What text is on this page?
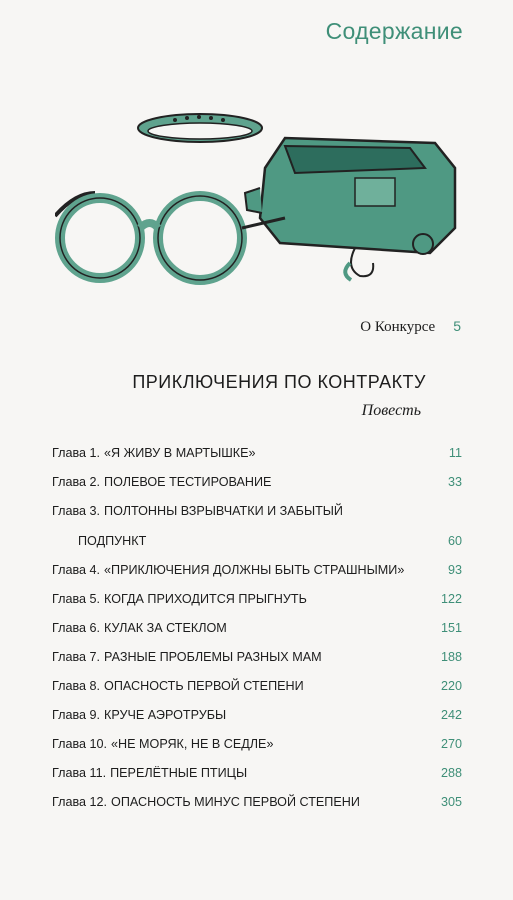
Содержание
О Конкурсе 5
ПРИКЛЮЧЕНИЯ ПО КОНТРАКТУ
Повесть
Глава 1. «Я ЖИВУ В МАРТЫШКЕ»	11
Глава 2. ПОЛЕВОЕ ТЕСТИРОВАНИЕ	33
Глава 3. ПОЛТОННЫ ВЗРЫВЧАТКИ И ЗАБЫТЫЙ
ПОДПУНКТ	60
Глава 4. «ПРИКЛЮЧЕНИЯ ДОЛЖНЫ БЫТЬ СТРАШНЫМИ»	93
Глава 5. КОГДА ПРИХОДИТСЯ ПРЫГНУТЬ	122
Глава 6. КУЛАК ЗА СТЕКЛОМ	151
Глава 7. РАЗНЫЕ ПРОБЛЕМЫ РАЗНЫХ МАМ	188
Глава 8. ОПАСНОСТЬ ПЕРВОЙ СТЕПЕНИ	220
Глава 9. КРУЧЕ АЭРОТРУБЫ	242
Глава 10. «НЕ МОРЯК, НЕ В СЕДЛЕ»	270
Глава 11. ПЕРЕЛЁТНЫЕ ПТИЦЫ	288
Глава 12. ОПАСНОСТЬ МИНУС ПЕРВОЙ СТЕПЕНИ	305
